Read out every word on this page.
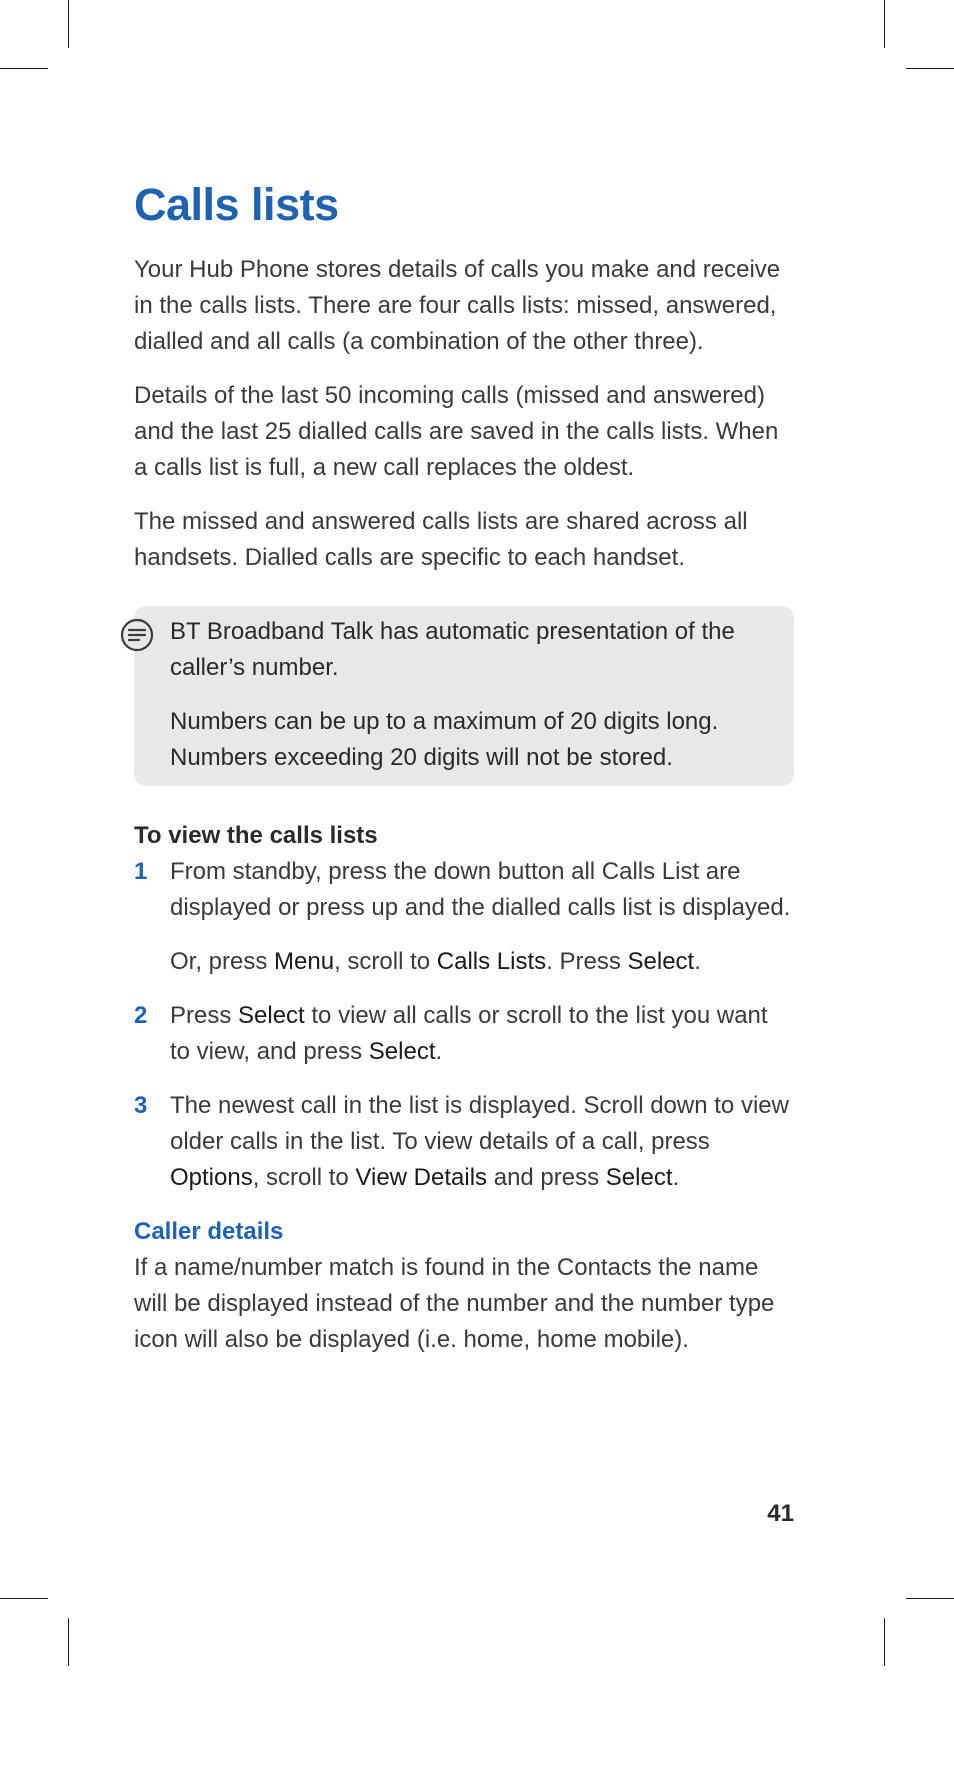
Calls lists

Your Hub Phone stores details of calls you make and receive in the calls lists. There are four calls lists: missed, answered, dialled and all calls (a combination of the other three).

Details of the last 50 incoming calls (missed and answered) and the last 25 dialled calls are saved in the calls lists. When a calls list is full, a new call replaces the oldest.

The missed and answered calls lists are shared across all handsets. Dialled calls are specific to each handset.

BT Broadband Talk has automatic presentation of the caller’s number.

Numbers can be up to a maximum of 20 digits long. Numbers exceeding 20 digits will not be stored.

To view the calls lists
1 From standby, press the down button all Calls List are displayed or press up and the dialled calls list is displayed.

Or, press Menu, scroll to Calls Lists. Press Select.

2 Press Select to view all calls or scroll to the list you want to view, and press Select.

3 The newest call in the list is displayed. Scroll down to view older calls in the list. To view details of a call, press Options, scroll to View Details and press Select.

Caller details

If a name/number match is found in the Contacts the name will be displayed instead of the number and the number type icon will also be displayed (i.e. home, home mobile).

41
